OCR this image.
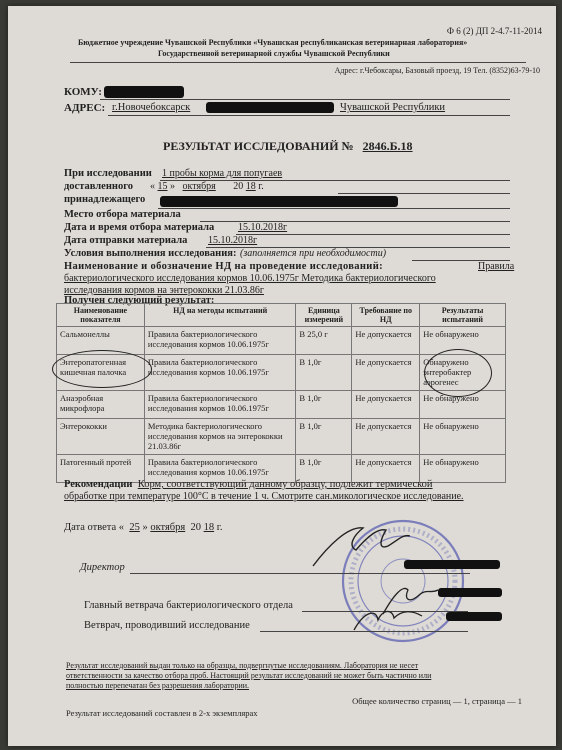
Ф 6 (2) ДП 2-4.7-11-2014
Бюджетное учреждение Чувашской Республики «Чувашская республиканская ветеринарная лаборатория»
Государственной ветеринарной службы Чувашской Республики
Адрес: г.Чебоксары, Базовый проезд, 19 Тел. (8352)63-79-10
КОМУ:
АДРЕС: г.Новочебоксарск	Чувашской Республики
РЕЗУЛЬТАТ ИССЛЕДОВАНИЙ № 2846.Б.18
При исследовании 1 пробы корма для попугаев
доставленного « 15 »   октября 20 18 г.
принадлежащего
Место отбора материала
Дата и время отбора материала 15.10.2018г
Дата отправки материала 15.10.2018г
Условия выполнения исследования: (заполняется при необходимости)
Наименование и обозначение НД на проведение исследований:	Правила
бактериологического исследования кормов 10.06.1975г Методика бактериологического
исследования кормов на энтерококки 21.03.86г
Получен следующий результат:
Наименование показателя	НД на методы испытаний	Единица измерений	Требование по НД	Результаты испытаний
Сальмонеллы	Правила бактериологического исследования кормов 10.06.1975г	В 25,0 г	Не допускается	Не обнаружено
Энтеропатогенная кишечная палочка	Правила бактериологического исследования кормов 10.06.1975г	В 1,0г	Не допускается	Обнаружено энтеробактер аэрогенес
Анаэробная микрофлора	Правила бактериологического исследования кормов 10.06.1975г	В 1,0г	Не допускается	Не обнаружено
Энтерококки	Методика бактериологического исследования кормов на энтерококки 21.03.86г	В 1,0г	Не допускается	Не обнаружено
Патогенный протей	Правила бактериологического исследования кормов 10.06.1975г	В 1,0г	Не допускается	Не обнаружено
Рекомендации Корм, соответствующий данному образцу, подлежит термической
обработке при температуре 100°С в течение 1 ч. Смотрите сан.микологическое исследование.
Дата ответа « 25 » октября 20 18 г.
Директор
Главный ветврача бактериологического отдела
Ветврач, проводивший исследование
Результат исследований выдан только на образцы, подвергнутые исследованиям. Лаборатория не несет
ответственности за качество отбора проб. Настоящий результат исследований не может быть частично или
полностью перепечатан без разрешения лаборатории.
Общее количество страниц — 1, страница — 1
Результат исследований составлен в 2-х экземплярах
